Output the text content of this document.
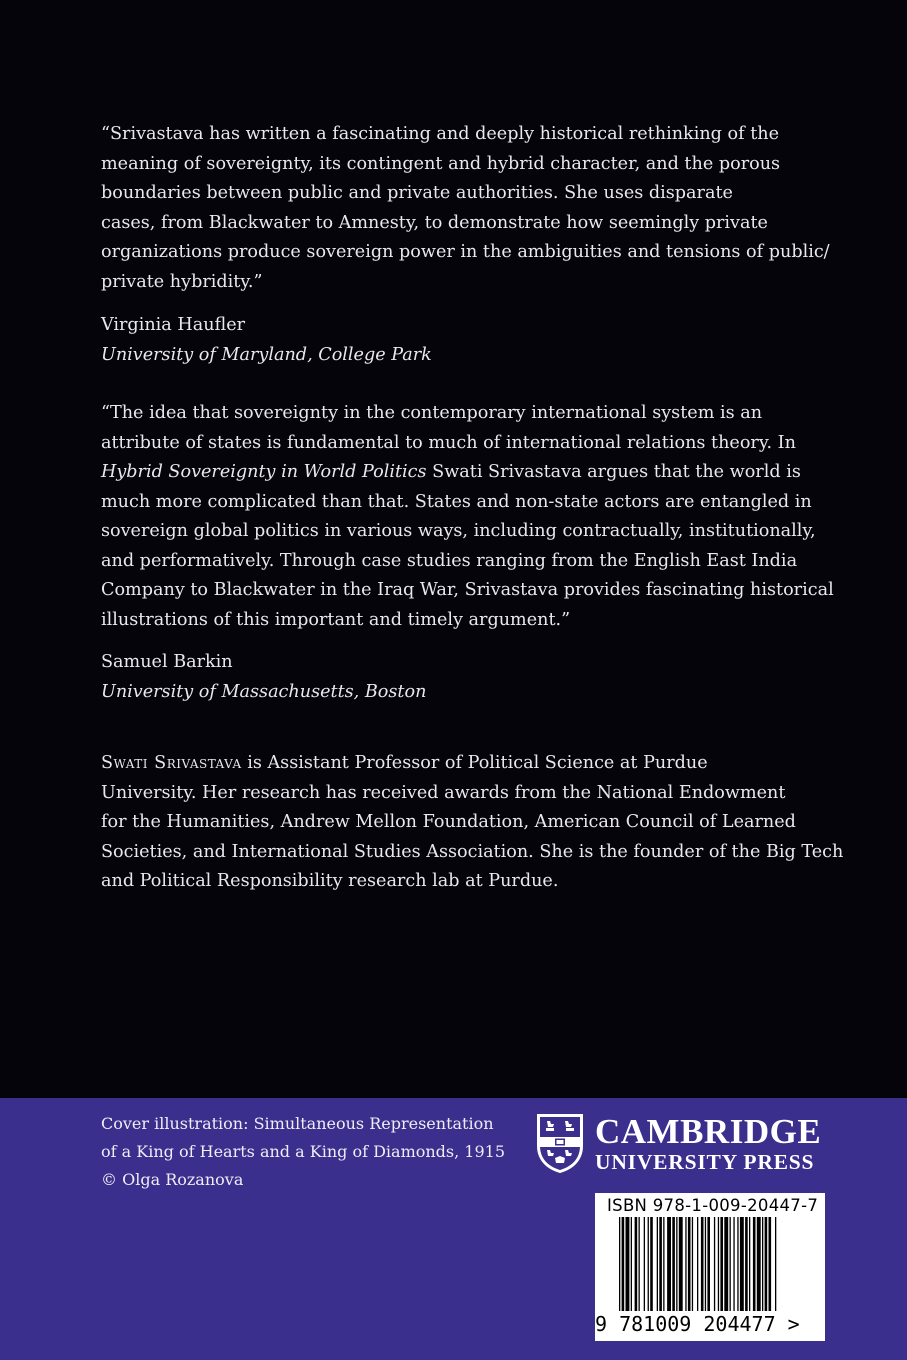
“Srivastava has written a fascinating and deeply historical rethinking of the
meaning of sovereignty, its contingent and hybrid character, and the porous
boundaries between public and private authorities. She uses disparate
cases, from Blackwater to Amnesty, to demonstrate how seemingly private
organizations produce sovereign power in the ambiguities and tensions of public/
private hybridity.”
Virginia Haufler
University of Maryland, College Park
“The idea that sovereignty in the contemporary international system is an
attribute of states is fundamental to much of international relations theory. In
Hybrid Sovereignty in World Politics Swati Srivastava argues that the world is
much more complicated than that. States and non-state actors are entangled in
sovereign global politics in various ways, including contractually, institutionally,
and performatively. Through case studies ranging from the English East India
Company to Blackwater in the Iraq War, Srivastava provides fascinating historical
illustrations of this important and timely argument.”
Samuel Barkin
University of Massachusetts, Boston
Swati Srivastava is Assistant Professor of Political Science at Purdue
University. Her research has received awards from the National Endowment
for the Humanities, Andrew Mellon Foundation, American Council of Learned
Societies, and International Studies Association. She is the founder of the Big Tech
and Political Responsibility research lab at Purdue.
Cover illustration: Simultaneous Representation
of a King of Hearts and a King of Diamonds, 1915
© Olga Rozanova
CAMBRIDGE
UNIVERSITY PRESS
ISBN 978-1-009-20447-7
9 781009 204477 >
